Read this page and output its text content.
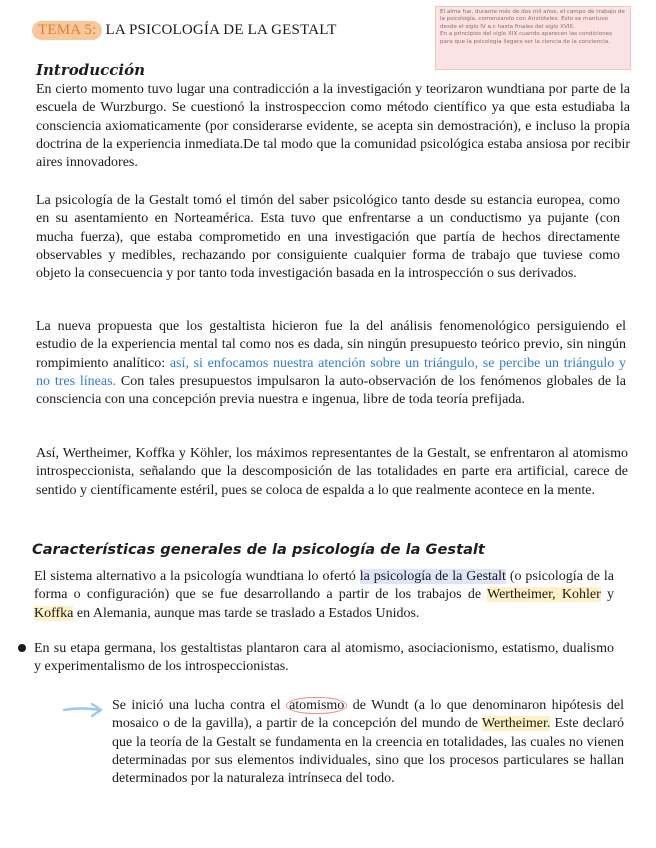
TEMA 5: LA PSICOLOGÍA DE LA GESTALT

El alma fue, durante más de dos mil años, el campo de trabajo de la psicología, comenzando con Aristóteles. Esto se mantuvo desde el siglo IV a.c hasta finales del siglo XVIII.

En a principios del siglo XIX cuando aparecen las condiciones para que la psicología llegara ser la ciencia de la conciencia.

Introducción

En cierto momento tuvo lugar una contradicción a la investigación y teorizaron wundtiana por parte de la escuela de Wurzburgo. Se cuestionó la instrospeccion como método científico ya que esta estudiaba la consciencia axiomaticamente (por considerarse evidente, se acepta sin demostración), e incluso la propia doctrina de la experiencia inmediata.De tal modo que la comunidad psicológica estaba ansiosa por recibir aires innovadores.

La psicología de la Gestalt tomó el timón del saber psicológico tanto desde su estancia europea, como en su asentamiento en Norteamérica. Esta tuvo que enfrentarse a un conductismo ya pujante (con mucha fuerza), que estaba comprometido en una investigación que partía de hechos directamente observables y medibles, rechazando por consiguiente cualquier forma de trabajo que tuviese como objeto la consecuencia y por tanto toda investigación basada en la introspección o sus derivados.

La nueva propuesta que los gestaltista hicieron fue la del análisis fenomenológico persiguiendo el estudio de la experiencia mental tal como nos es dada, sin ningún presupuesto teórico previo, sin ningún rompimiento analítico: así, si enfocamos nuestra atención sobre un triángulo, se percibe un triángulo y no tres líneas. Con tales presupuestos impulsaron la auto-observación de los fenómenos globales de la consciencia con una concepción previa nuestra e ingenua, libre de toda teoría prefijada.

Así, Wertheimer, Koffka y Köhler, los máximos representantes de la Gestalt, se enfrentaron al atomismo introspeccionista, señalando que la descomposición de las totalidades en parte era artificial, carece de sentido y científicamente estéril, pues se coloca de espalda a lo que realmente acontece en la mente.

Características generales de la psicología de la Gestalt

El sistema alternativo a la psicología wundtiana lo ofertó la psicología de la Gestalt (o psicología de la forma o configuración) que se fue desarrollando a partir de los trabajos de Wertheimer, Kohler y Koffka en Alemania, aunque mas tarde se traslado a Estados Unidos.

En su etapa germana, los gestaltistas plantaron cara al atomismo, asociacionismo, estatismo, dualismo y experimentalismo de los introspeccionistas.

Se inició una lucha contra el atomismo de Wundt (a lo que denominaron hipótesis del mosaico o de la gavilla), a partir de la concepción del mundo de Wertheimer. Este declaró que la teoría de la Gestalt se fundamenta en la creencia en totalidades, las cuales no vienen determinadas por sus elementos individuales, sino que los procesos particulares se hallan determinados por la naturaleza intrínseca del todo.
